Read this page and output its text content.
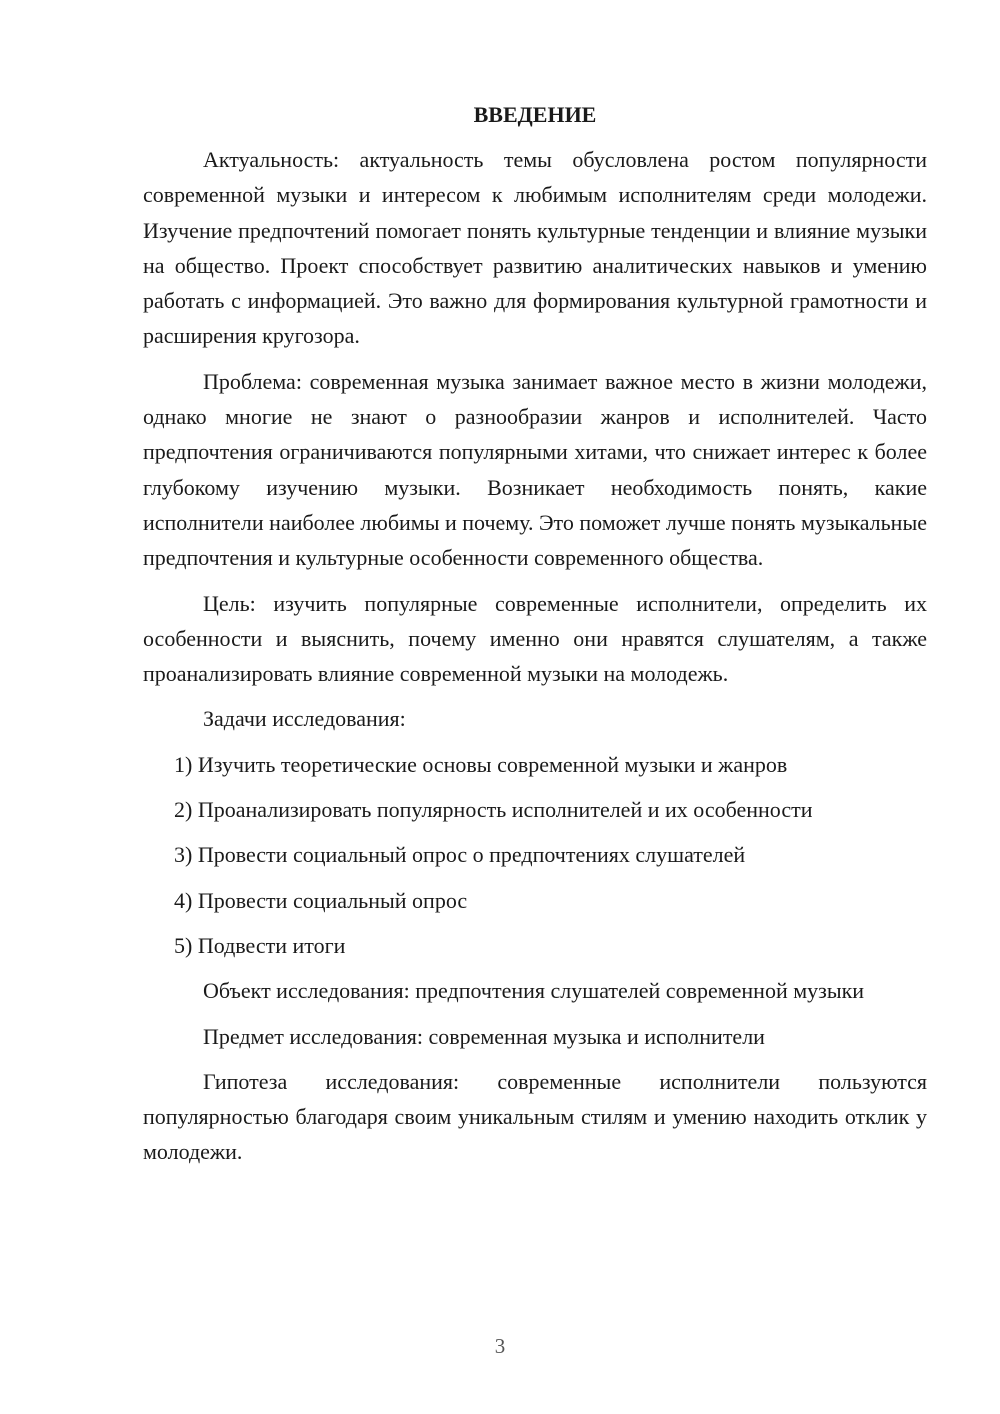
ВВЕДЕНИЕ

Актуальность: актуальность темы обусловлена ростом популярности современной музыки и интересом к любимым исполнителям среди молодежи. Изучение предпочтений помогает понять культурные тенденции и влияние музыки на общество. Проект способствует развитию аналитических навыков и умению работать с информацией. Это важно для формирования культурной грамотности и расширения кругозора.

Проблема: современная музыка занимает важное место в жизни молодежи, однако многие не знают о разнообразии жанров и исполнителей. Часто предпочтения ограничиваются популярными хитами, что снижает интерес к более глубокому изучению музыки. Возникает необходимость понять, какие исполнители наиболее любимы и почему. Это поможет лучше понять музыкальные предпочтения и культурные особенности современного общества.

Цель: изучить популярные современные исполнители, определить их особенности и выяснить, почему именно они нравятся слушателям, а также проанализировать влияние современной музыки на молодежь.

Задачи исследования:

1) Изучить теоретические основы современной музыки и жанров
2) Проанализировать популярность исполнителей и их особенности
3) Провести социальный опрос о предпочтениях слушателей
4) Провести социальный опрос
5) Подвести итоги

Объект исследования: предпочтения слушателей современной музыки

Предмет исследования: современная музыка и исполнители

Гипотеза исследования: современные исполнители пользуются популярностью благодаря своим уникальным стилям и умению находить отклик у молодежи.

3
